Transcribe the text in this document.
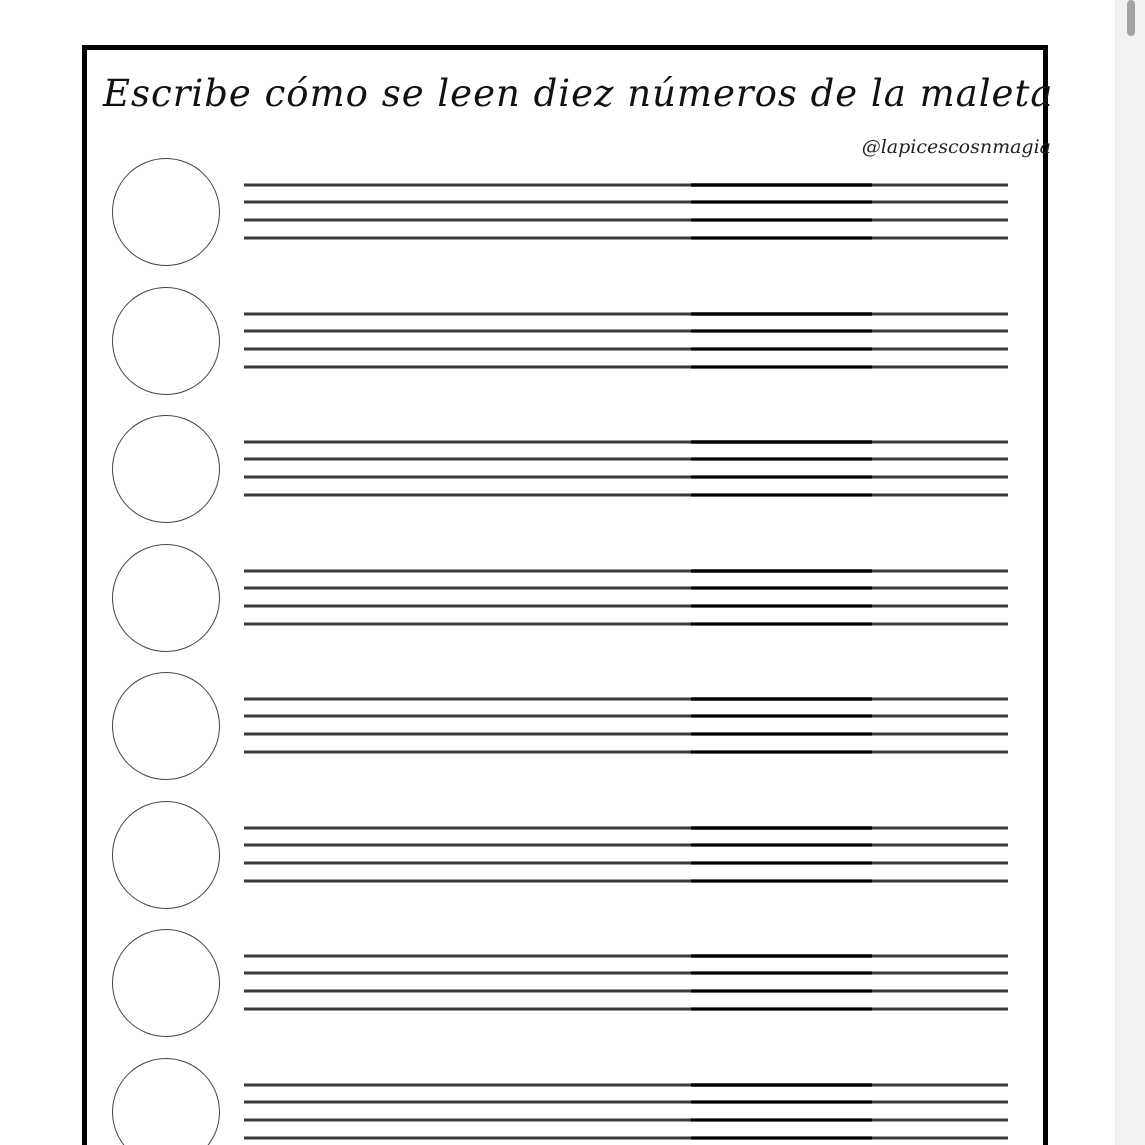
Escribe cómo se leen diez números de la maleta
@lapicescosnmagia
